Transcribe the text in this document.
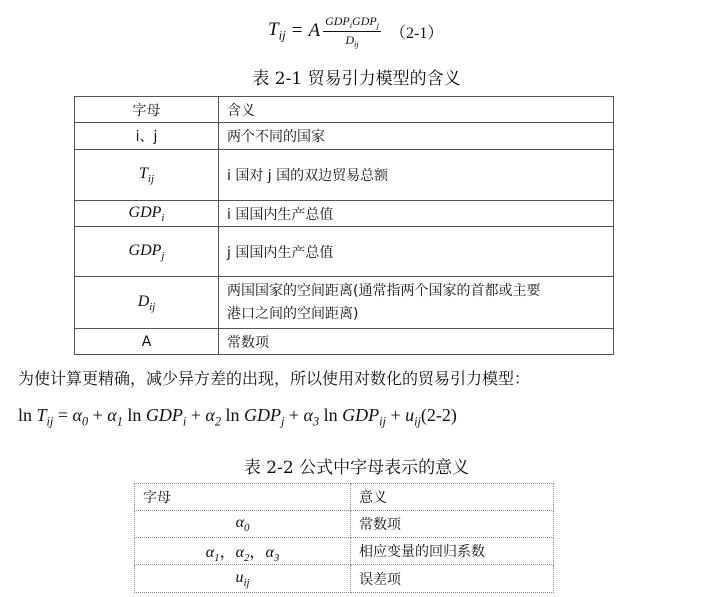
$T_{ij} = A \frac{GDP_iGDP_j}{D_{ij}} (2-1)$
表 2-1 贸易引力模型的含义
字母	含义
i、j	两个不同的国家
$T_{ij}$	i 国对 j 国的双边贸易总额
$GDP_i$	i 国国内生产总值
$GDP_j$	j 国国内生产总值
$D_{ij}$	两国国家的空间距离(通常指两个国家的首都或主要
港口之间的空间距离)

A	常数项
为使计算更精确，减少异方差的出现，所以使用对数化的贸易引力模型：
$\ln T_{ij} = \alpha_0 + \alpha_1$ $\ln GDP_i + \alpha_2$ $\ln GDP_j + \alpha_3$ $\ln GDP_{ij} + u_{ij}(2-2)$
表 2-2 公式中字母表示的意义
字母	意义
$\alpha_0$	常数项
$\alpha_1$，$\alpha_2$，$\alpha_3$	相应变量的回归系数
$u_{ij}$	误差项
